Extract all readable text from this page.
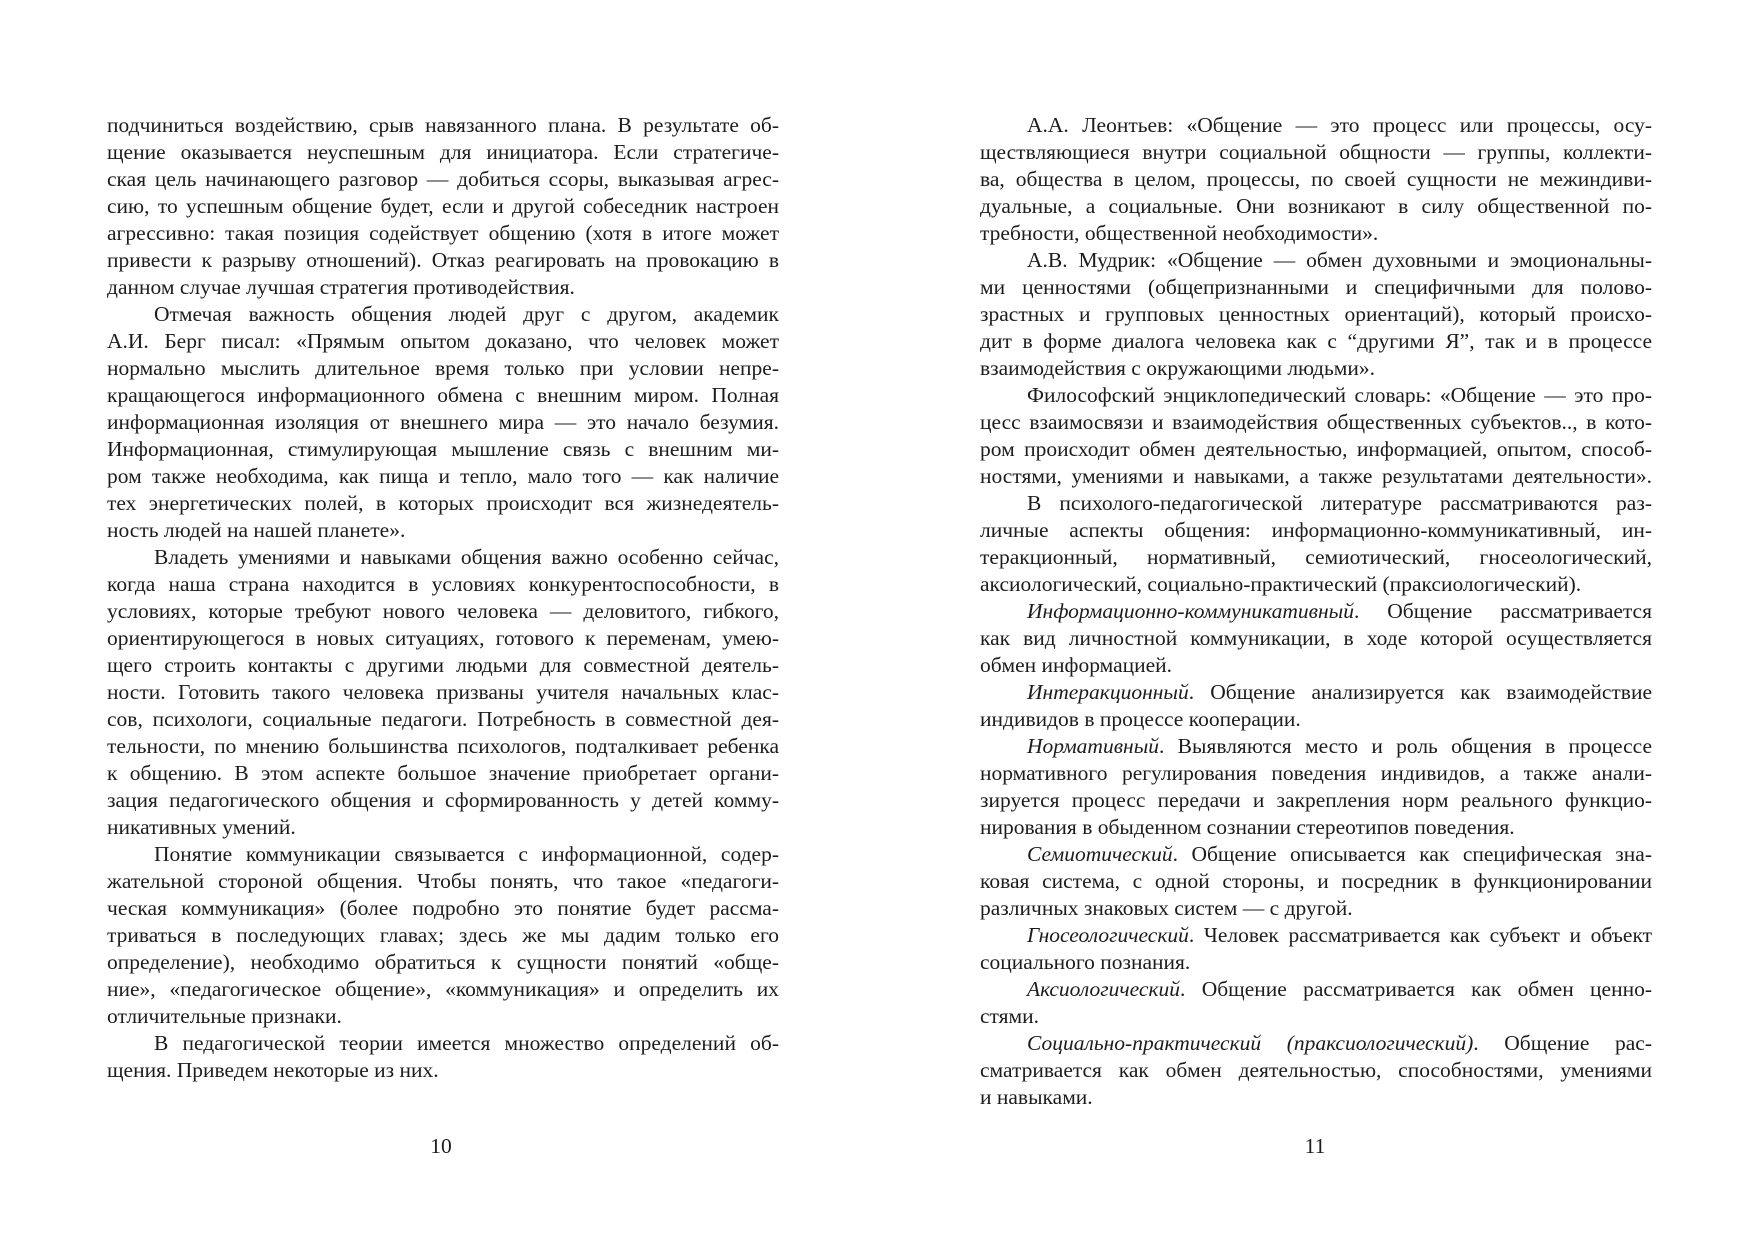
подчиниться воздействию, срыв навязанного плана. В результате об-
щение оказывается неуспешным для инициатора. Если стратегиче-
ская цель начинающего разговор — добиться ссоры, выказывая агрес-
сию, то успешным общение будет, если и другой собеседник настроен
агрессивно: такая позиция содействует общению (хотя в итоге может
привести к разрыву отношений). Отказ реагировать на провокацию в
данном случае лучшая стратегия противодействия.
Отмечая важность общения людей друг с другом, академик
А.И. Берг писал: «Прямым опытом доказано, что человек может
нормально мыслить длительное время только при условии непре-
кращающегося информационного обмена с внешним миром. Полная
информационная изоляция от внешнего мира — это начало безумия.
Информационная, стимулирующая мышление связь с внешним ми-
ром также необходима, как пища и тепло, мало того — как наличие
тех энергетических полей, в которых происходит вся жизнедеятель-
ность людей на нашей планете».
Владеть умениями и навыками общения важно особенно сейчас,
когда наша страна находится в условиях конкурентоспособности, в
условиях, которые требуют нового человека — деловитого, гибкого,
ориентирующегося в новых ситуациях, готового к переменам, умею-
щего строить контакты с другими людьми для совместной деятель-
ности. Готовить такого человека призваны учителя начальных клас-
сов, психологи, социальные педагоги. Потребность в совместной дея-
тельности, по мнению большинства психологов, подталкивает ребенка
к общению. В этом аспекте большое значение приобретает органи-
зация педагогического общения и сформированность у детей комму-
никативных умений.
Понятие коммуникации связывается с информационной, содер-
жательной стороной общения. Чтобы понять, что такое «педагоги-
ческая коммуникация» (более подробно это понятие будет рассма-
триваться в последующих главах; здесь же мы дадим только его
определение), необходимо обратиться к сущности понятий «обще-
ние», «педагогическое общение», «коммуникация» и определить их
отличительные признаки.
В педагогической теории имеется множество определений об-
щения. Приведем некоторые из них.
10
А.А. Леонтьев: «Общение — это процесс или процессы, осу-
ществляющиеся внутри социальной общности — группы, коллекти-
ва, общества в целом, процессы, по своей сущности не межиндиви-
дуальные, а социальные. Они возникают в силу общественной по-
требности, общественной необходимости».
А.В. Мудрик: «Общение — обмен духовными и эмоциональны-
ми ценностями (общепризнанными и специфичными для полово-
зрастных и групповых ценностных ориентаций), который происхо-
дит в форме диалога человека как с “другими Я”, так и в процессе
взаимодействия с окружающими людьми».
Философский энциклопедический словарь: «Общение — это про-
цесс взаимосвязи и взаимодействия общественных субъектов.., в кото-
ром происходит обмен деятельностью, информацией, опытом, способ-
ностями, умениями и навыками, а также результатами деятельности».
В психолого-педагогической литературе рассматриваются раз-
личные аспекты общения: информационно-коммуникативный, ин-
теракционный, нормативный, семиотический, гносеологический,
аксиологический, социально-практический (праксиологический).
Информационно-коммуникативный. Общение рассматривается
как вид личностной коммуникации, в ходе которой осуществляется
обмен информацией.
Интеракционный. Общение анализируется как взаимодействие
индивидов в процессе кооперации.
Нормативный. Выявляются место и роль общения в процессе
нормативного регулирования поведения индивидов, а также анали-
зируется процесс передачи и закрепления норм реального функцио-
нирования в обыденном сознании стереотипов поведения.
Семиотический. Общение описывается как специфическая зна-
ковая система, с одной стороны, и посредник в функционировании
различных знаковых систем — с другой.
Гносеологический. Человек рассматривается как субъект и объект
социального познания.
Аксиологический. Общение рассматривается как обмен ценно-
стями.
Социально-практический (праксиологический). Общение рас-
сматривается как обмен деятельностью, способностями, умениями
и навыками.
11
